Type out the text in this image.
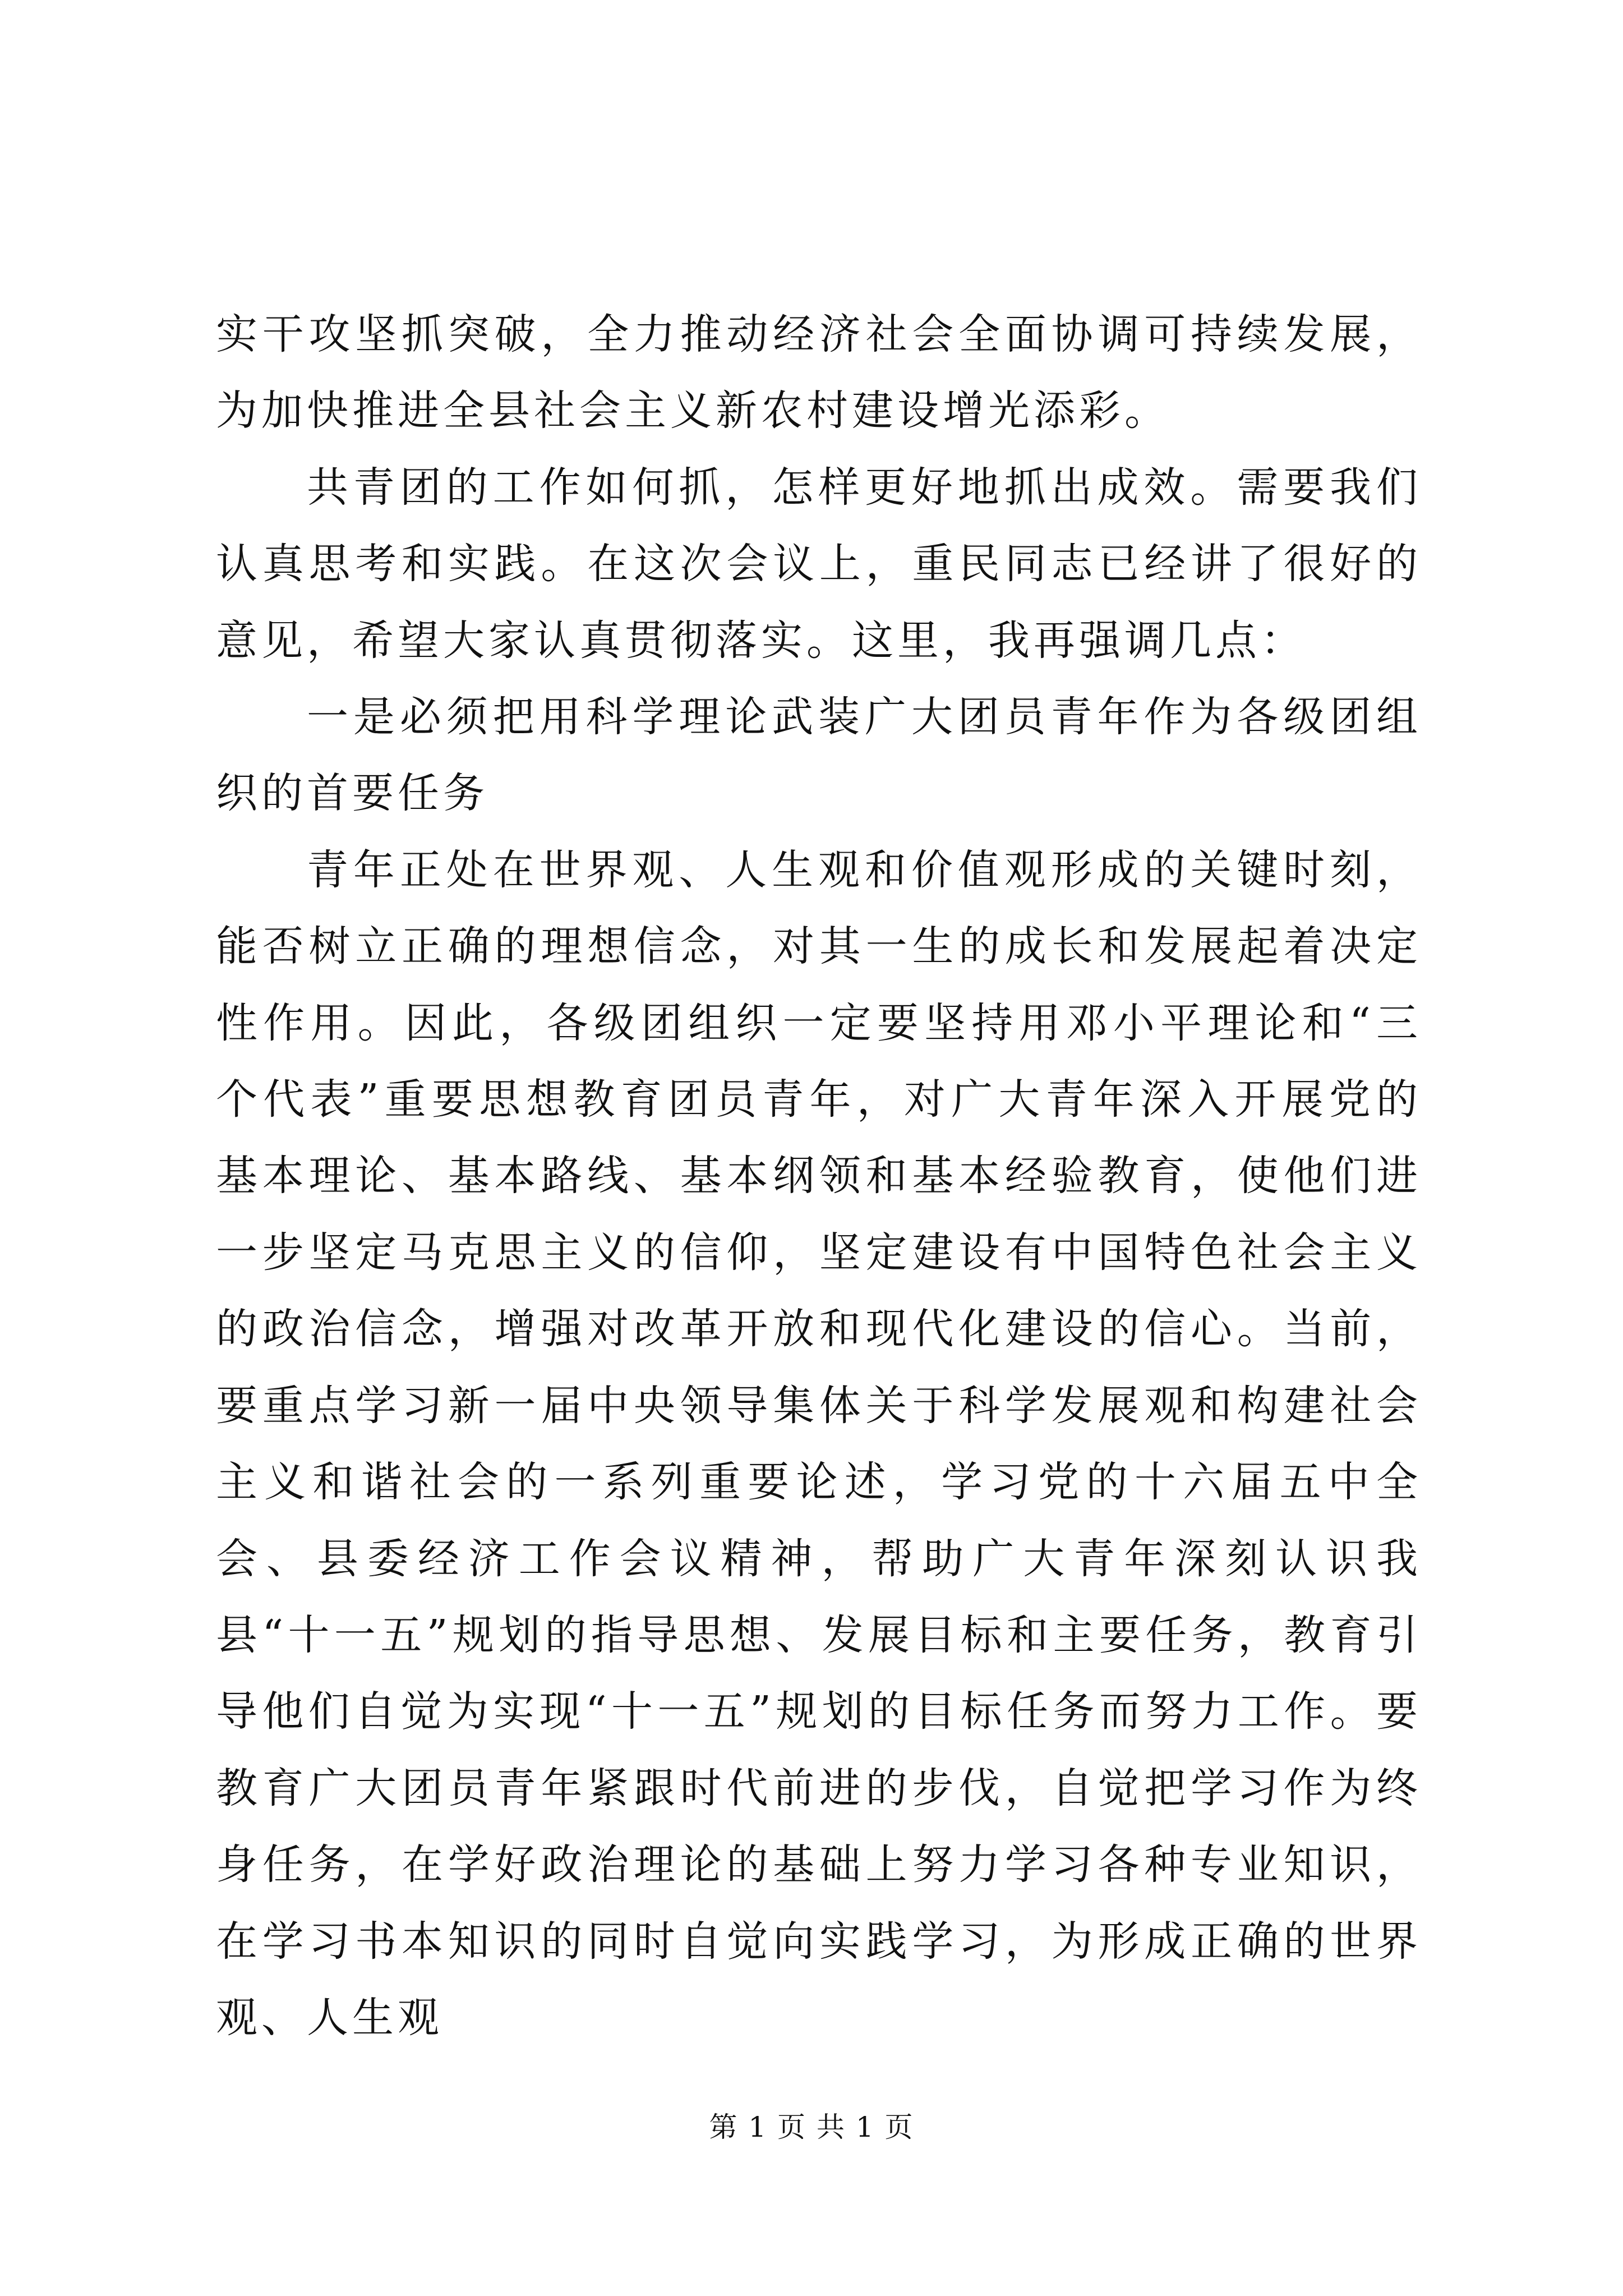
实干攻坚抓突破，全力推动经济社会全面协调可持续发展，为加快推进全县社会主义新农村建设增光添彩。

共青团的工作如何抓，怎样更好地抓出成效。需要我们认真思考和实践。在这次会议上，重民同志已经讲了很好的意见，希望大家认真贯彻落实。这里，我再强调几点：

一是必须把用科学理论武装广大团员青年作为各级团组织的首要任务

青年正处在世界观、人生观和价值观形成的关键时刻，能否树立正确的理想信念，对其一生的成长和发展起着决定性作用。因此，各级团组织一定要坚持用邓小平理论和“三个代表”重要思想教育团员青年，对广大青年深入开展党的基本理论、基本路线、基本纲领和基本经验教育，使他们进一步坚定马克思主义的信仰，坚定建设有中国特色社会主义的政治信念，增强对改革开放和现代化建设的信心。当前，要重点学习新一届中央领导集体关于科学发展观和构建社会主义和谐社会的一系列重要论述，学习党的十六届五中全会、县委经济工作会议精神，帮助广大青年深刻认识我县“十一五”规划的指导思想、发展目标和主要任务，教育引导他们自觉为实现“十一五”规划的目标任务而努力工作。要教育广大团员青年紧跟时代前进的步伐，自觉把学习作为终身任务，在学好政治理论的基础上努力学习各种专业知识，在学习书本知识的同时自觉向实践学习，为形成正确的世界观、人生观

第 1 页 共 1 页
